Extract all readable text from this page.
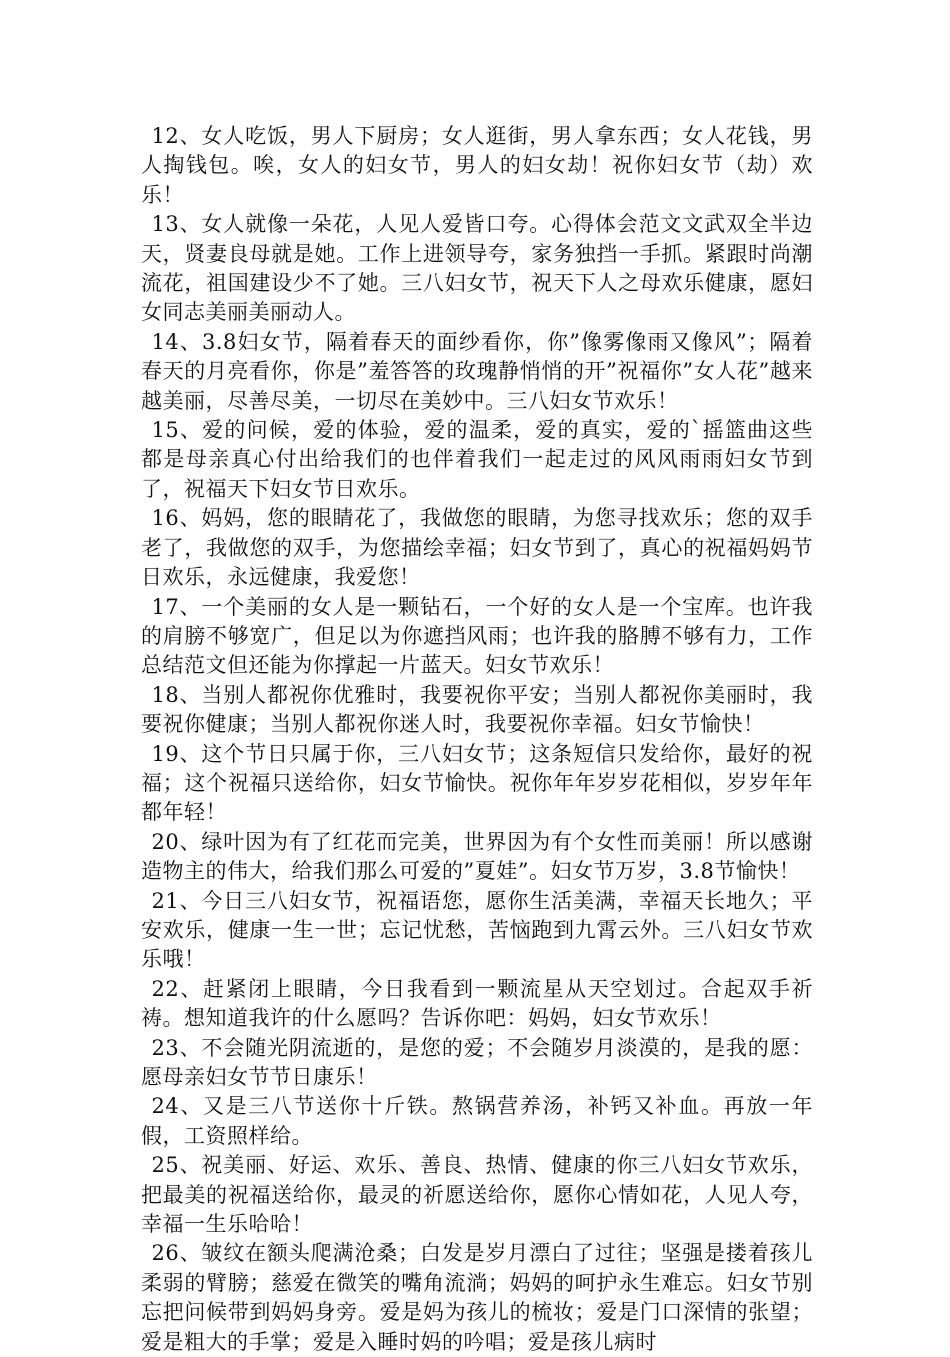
12、女人吃饭，男人下厨房；女人逛街，男人拿东西；女人花钱，男人掏钱包。唉，女人的妇女节，男人的妇女劫！祝你妇女节（劫）欢乐！

13、女人就像一朵花，人见人爱皆口夸。心得体会范文文武双全半边天，贤妻良母就是她。工作上进领导夸，家务独挡一手抓。紧跟时尚潮流花，祖国建设少不了她。三八妇女节，祝天下人之母欢乐健康，愿妇女同志美丽美丽动人。

14、3.8妇女节，隔着春天的面纱看你，你”像雾像雨又像风”；隔着春天的月亮看你，你是”羞答答的玫瑰静悄悄的开”祝福你”女人花”越来越美丽，尽善尽美，一切尽在美妙中。三八妇女节欢乐！

15、爱的问候，爱的体验，爱的温柔，爱的真实，爱的`摇篮曲这些都是母亲真心付出给我们的也伴着我们一起走过的风风雨雨妇女节到了，祝福天下妇女节日欢乐。

16、妈妈，您的眼睛花了，我做您的眼睛，为您寻找欢乐；您的双手老了，我做您的双手，为您描绘幸福；妇女节到了，真心的祝福妈妈节日欢乐，永远健康，我爱您！

17、一个美丽的女人是一颗钻石，一个好的女人是一个宝库。也许我的肩膀不够宽广，但足以为你遮挡风雨；也许我的胳膊不够有力，工作总结范文但还能为你撑起一片蓝天。妇女节欢乐！

18、当别人都祝你优雅时，我要祝你平安；当别人都祝你美丽时，我要祝你健康；当别人都祝你迷人时，我要祝你幸福。妇女节愉快！

19、这个节日只属于你，三八妇女节；这条短信只发给你，最好的祝福；这个祝福只送给你，妇女节愉快。祝你年年岁岁花相似，岁岁年年都年轻！

20、绿叶因为有了红花而完美，世界因为有个女性而美丽！所以感谢造物主的伟大，给我们那么可爱的”夏娃”。妇女节万岁，3.8节愉快！

21、今日三八妇女节，祝福语您，愿你生活美满，幸福天长地久；平安欢乐，健康一生一世；忘记忧愁，苦恼跑到九霄云外。三八妇女节欢乐哦！

22、赶紧闭上眼睛，今日我看到一颗流星从天空划过。合起双手祈祷。想知道我许的什么愿吗？告诉你吧：妈妈，妇女节欢乐！

23、不会随光阴流逝的，是您的爱；不会随岁月淡漠的，是我的愿：愿母亲妇女节节日康乐！

24、又是三八节送你十斤铁。熬锅营养汤，补钙又补血。再放一年假，工资照样给。

25、祝美丽、好运、欢乐、善良、热情、健康的你三八妇女节欢乐，把最美的祝福送给你，最灵的祈愿送给你，愿你心情如花，人见人夸，幸福一生乐哈哈！

26、皱纹在额头爬满沧桑；白发是岁月漂白了过往；坚强是搂着孩儿柔弱的臂膀；慈爱在微笑的嘴角流淌；妈妈的呵护永生难忘。妇女节别忘把问候带到妈妈身旁。爱是妈为孩儿的梳妆；爱是门口深情的张望；爱是粗大的手掌；爱是入睡时妈的吟唱；爱是孩儿病时
